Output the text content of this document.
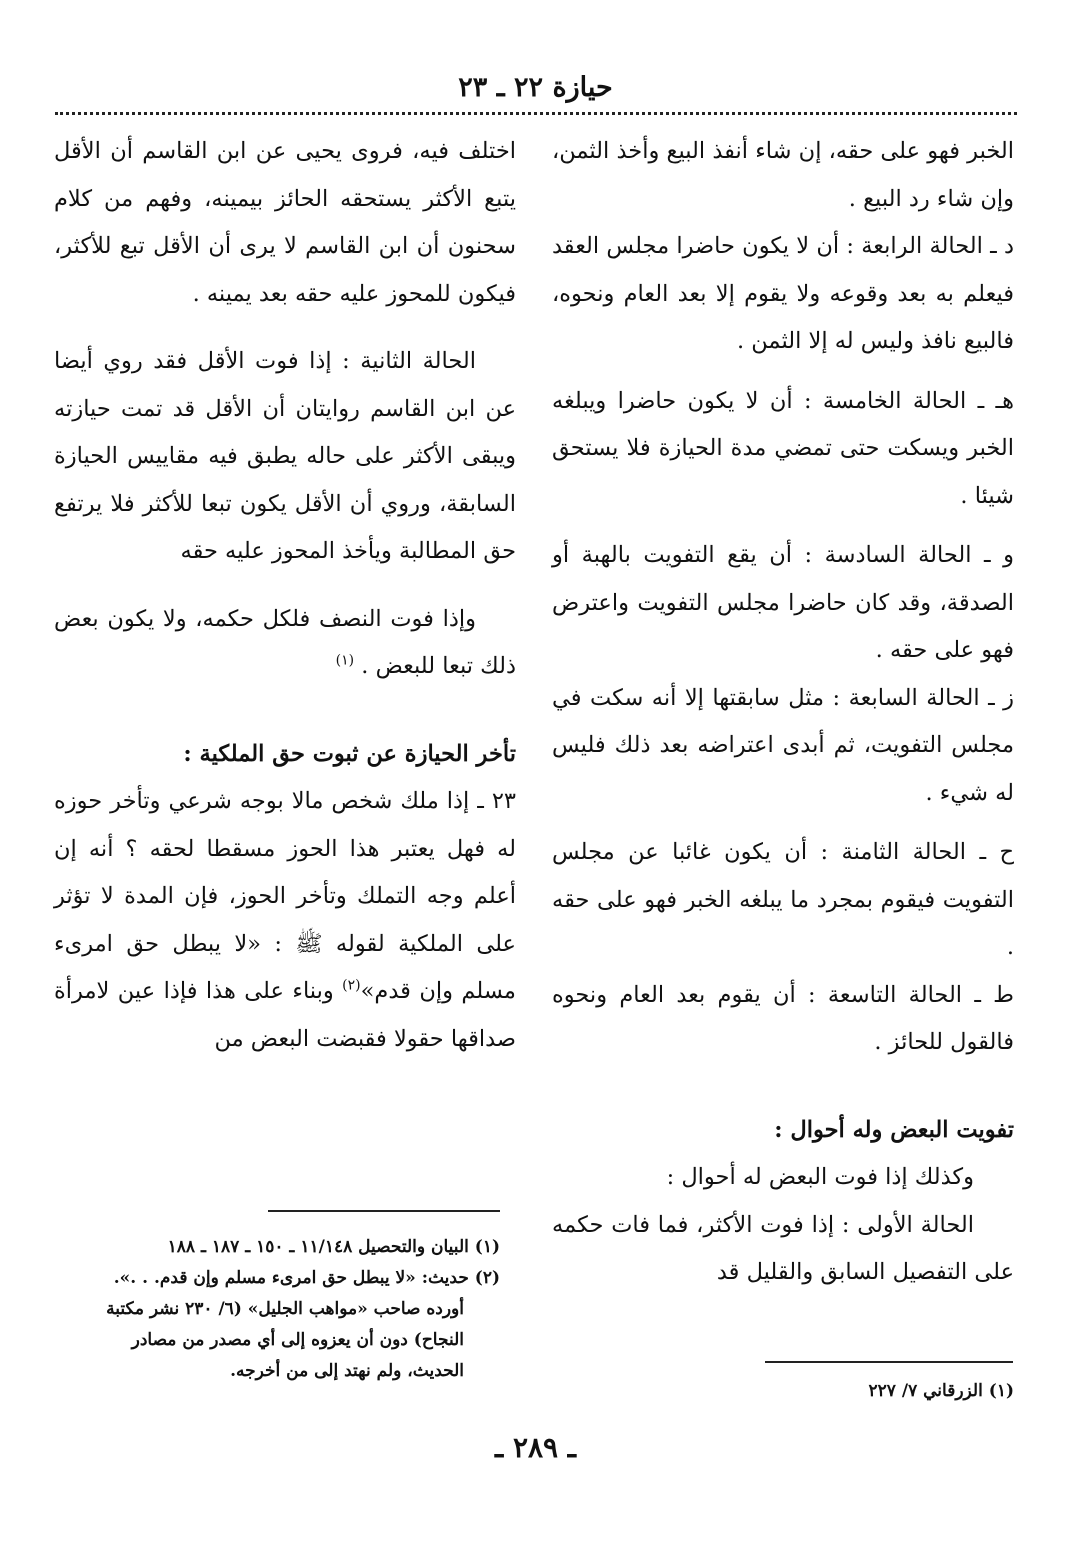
حيازة ٢٢ ـ ٢٣

الخبر فهو على حقه، إن شاء أنفذ البيع وأخذ الثمن، وإن شاء رد البيع .

د ـ الحالة الرابعة : أن لا يكون حاضرا مجلس العقد فيعلم به بعد وقوعه ولا يقوم إلا بعد العام ونحوه، فالبيع نافذ وليس له إلا الثمن .

هـ ـ الحالة الخامسة : أن لا يكون حاضرا ويبلغه الخبر ويسكت حتى تمضي مدة الحيازة فلا يستحق شيئا .

و ـ الحالة السادسة : أن يقع التفويت بالهبة أو الصدقة، وقد كان حاضرا مجلس التفويت واعترض فهو على حقه .

ز ـ الحالة السابعة : مثل سابقتها إلا أنه سكت في مجلس التفويت، ثم أبدى اعتراضه بعد ذلك فليس له شيء .

ح ـ الحالة الثامنة : أن يكون غائبا عن مجلس التفويت فيقوم بمجرد ما يبلغه الخبر فهو على حقه .

ط ـ الحالة التاسعة : أن يقوم بعد العام ونحوه فالقول للحائز .

تفويت البعض وله أحوال :

وكذلك إذا فوت البعض له أحوال :

الحالة الأولى : إذا فوت الأكثر، فما فات حكمه على التفصيل السابق والقليل قد

اختلف فيه، فروى يحيى عن ابن القاسم أن الأقل يتبع الأكثر يستحقه الحائز بيمينه، وفهم من كلام سحنون أن ابن القاسم لا يرى أن الأقل تبع للأكثر، فيكون للمحوز عليه حقه بعد يمينه .

الحالة الثانية : إذا فوت الأقل فقد روي أيضا عن ابن القاسم روايتان أن الأقل قد تمت حيازته ويبقى الأكثر على حاله يطبق فيه مقاييس الحيازة السابقة، وروي أن الأقل يكون تبعا للأكثر فلا يرتفع حق المطالبة ويأخذ المحوز عليه حقه

وإذا فوت النصف فلكل حكمه، ولا يكون بعض ذلك تبعا للبعض . $^{(١)}$

تأخر الحيازة عن ثبوت حق الملكية :

٢٣ ـ إذا ملك شخص مالا بوجه شرعي وتأخر حوزه له فهل يعتبر هذا الحوز مسقطا لحقه ؟ أنه إن أعلم وجه التملك وتأخر الحوز، فإن المدة لا تؤثر على الملكية لقوله ﷺ : «لا يبطل حق امرىء مسلم وإن قدم»$^{(٢)}$ وبناء على هذا فإذا عين لامرأة صداقها حقولا فقبضت البعض من

(١) البيان والتحصيل ١١/١٤٨ ـ ١٥٠ ـ ١٨٧ ـ ١٨٨

(٢) حديث: «لا يبطل حق امرىء مسلم وإن قدم. . .».

أورده صاحب «مواهب الجليل» (٦/ ٢٣٠ نشر مكتبة

النجاح) دون أن يعزوه إلى أي مصدر من مصادر

الحديث، ولم نهتد إلى من أخرجه.

(١) الزرقاني ٧/ ٢٢٧

ـ ٢٨٩ ـ
